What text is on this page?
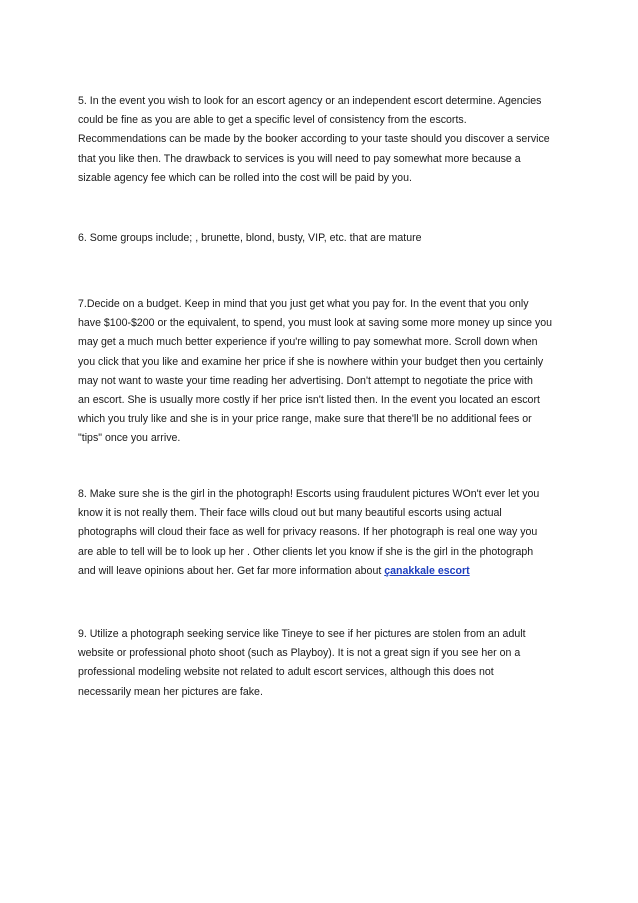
5. In the event you wish to look for an escort agency or an independent escort determine. Agencies
could be fine as you are able to get a specific level of consistency from the escorts.
Recommendations can be made by the booker according to your taste should you discover a service
that you like then. The drawback to services is you will need to pay somewhat more because a
sizable agency fee which can be rolled into the cost will be paid by you.

6. Some groups include; , brunette, blond, busty, VIP, etc. that are mature

7.Decide on a budget. Keep in mind that you just get what you pay for. In the event that you only
have $100-$200 or the equivalent, to spend, you must look at saving some more money up since you
may get a much much better experience if you're willing to pay somewhat more. Scroll down when
you click that you like and examine her price if she is nowhere within your budget then you certainly
may not want to waste your time reading her advertising. Don't attempt to negotiate the price with
an escort. She is usually more costly if her price isn't listed then. In the event you located an escort
which you truly like and she is in your price range, make sure that there'll be no additional fees or
"tips" once you arrive.

8. Make sure she is the girl in the photograph! Escorts using fraudulent pictures WOn't ever let you
know it is not really them. Their face wills cloud out but many beautiful escorts using actual
photographs will cloud their face as well for privacy reasons. If her photograph is real one way you
are able to tell will be to look up her . Other clients let you know if she is the girl in the photograph
and will leave opinions about her. Get far more information about çanakkale escort

9. Utilize a photograph seeking service like Tineye to see if her pictures are stolen from an adult
website or professional photo shoot (such as Playboy). It is not a great sign if you see her on a
professional modeling website not related to adult escort services, although this does not
necessarily mean her pictures are fake.
